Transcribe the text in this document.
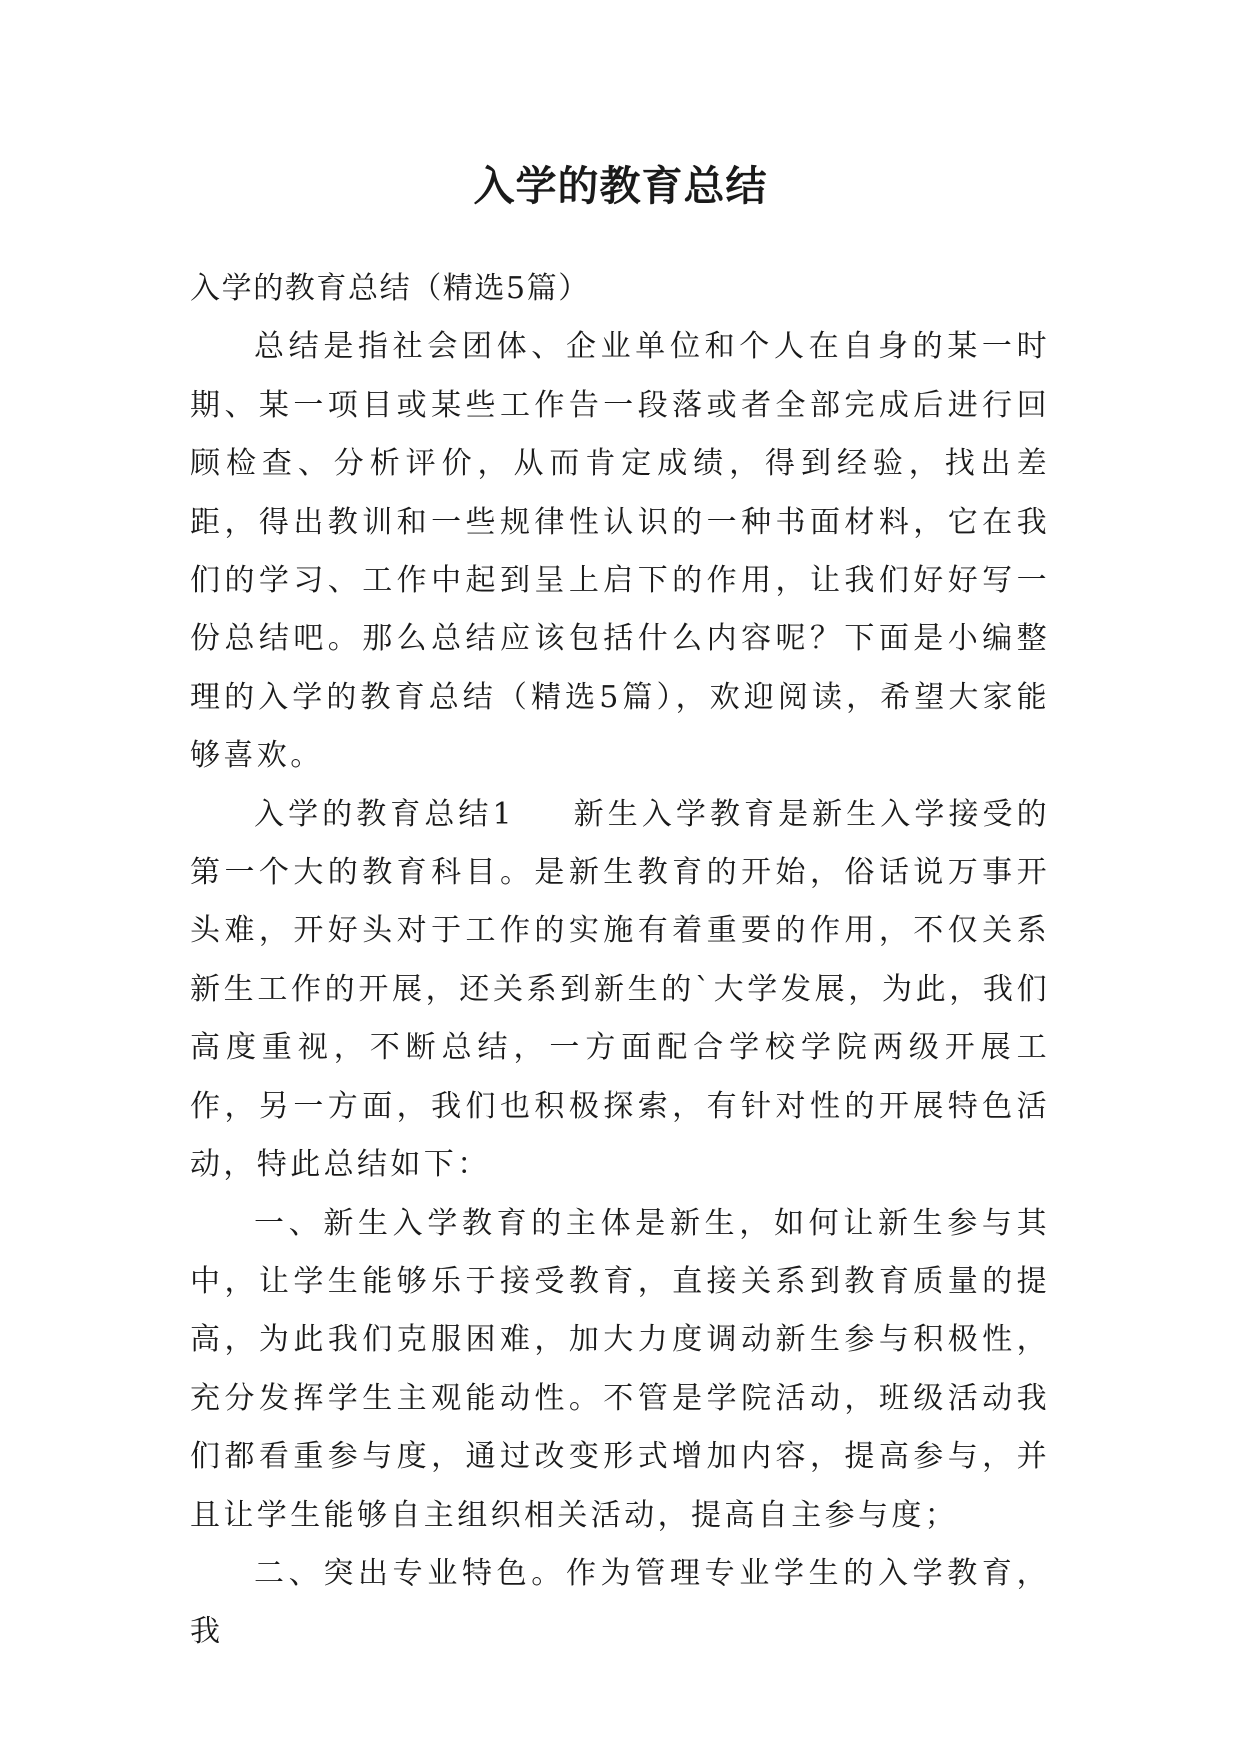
入学的教育总结

入学的教育总结（精选5篇）

总结是指社会团体、企业单位和个人在自身的某一时期、某一项目或某些工作告一段落或者全部完成后进行回顾检查、分析评价，从而肯定成绩，得到经验，找出差距，得出教训和一些规律性认识的一种书面材料，它在我们的学习、工作中起到呈上启下的作用，让我们好好写一份总结吧。那么总结应该包括什么内容呢？下面是小编整理的入学的教育总结（精选5篇），欢迎阅读，希望大家能够喜欢。

入学的教育总结1 新生入学教育是新生入学接受的第一个大的教育科目。是新生教育的开始，俗话说万事开头难，开好头对于工作的实施有着重要的作用，不仅关系新生工作的开展，还关系到新生的`大学发展，为此，我们高度重视，不断总结，一方面配合学校学院两级开展工作，另一方面，我们也积极探索，有针对性的开展特色活动，特此总结如下：

一、新生入学教育的主体是新生，如何让新生参与其中，让学生能够乐于接受教育，直接关系到教育质量的提高，为此我们克服困难，加大力度调动新生参与积极性，充分发挥学生主观能动性。不管是学院活动，班级活动我们都看重参与度，通过改变形式增加内容，提高参与，并且让学生能够自主组织相关活动，提高自主参与度；

二、突出专业特色。作为管理专业学生的入学教育，我
